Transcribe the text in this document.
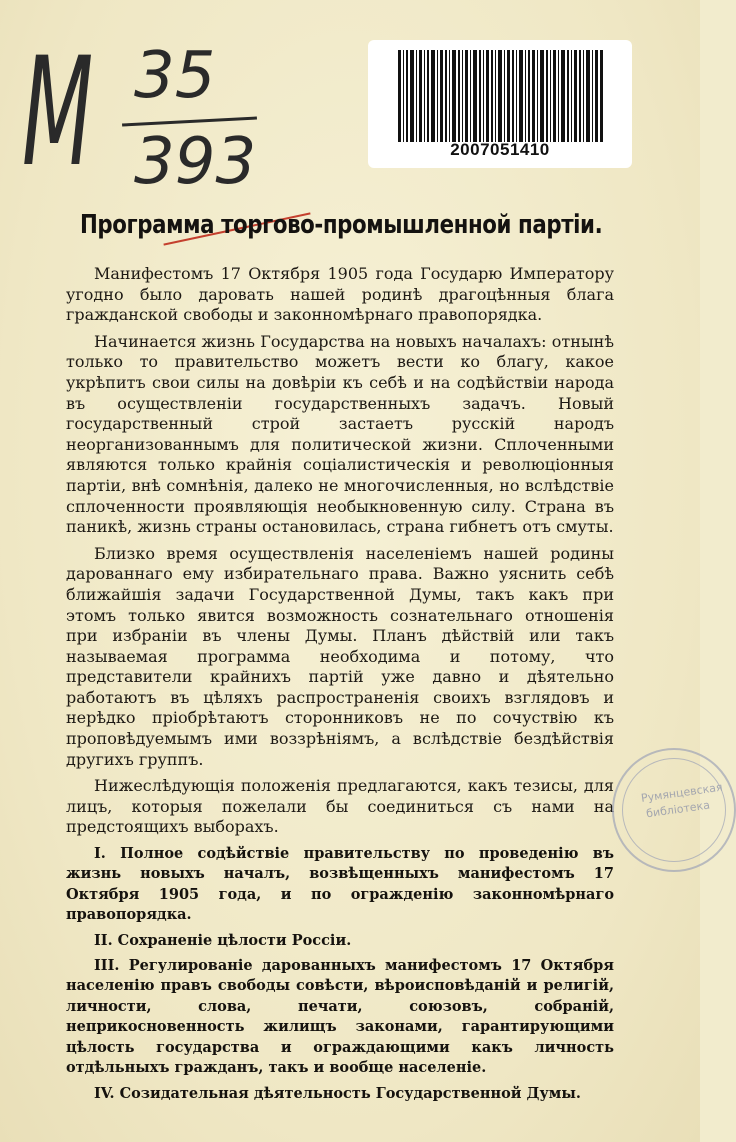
M 35
393	2007051410
Программа торгово-промышленной партіи.

Манифестомъ 17 Октября 1905 года Государю Императору угодно было даровать нашей родинѣ драгоцѣнныя блага гражданской свободы и законномѣрнаго правопорядка.

Начинается жизнь Государства на новыхъ началахъ: отнынѣ только то правительство можетъ вести ко благу, какое укрѣпитъ свои силы на довѣріи къ себѣ и на содѣйствіи народа въ осуществленіи государственныхъ задачъ. Новый государственный строй застаетъ русскій народъ неорганизованнымъ для политической жизни. Сплоченными являются только крайнія соціалистическія и революціонныя партіи, внѣ сомнѣнія, далеко не многочисленныя, но вслѣдствіе сплоченности проявляющія необыкновенную силу. Страна въ паникѣ, жизнь страны остановилась, страна гибнетъ отъ смуты.

Близко время осуществленія населеніемъ нашей родины дарованнаго ему избирательнаго права. Важно уяснить себѣ ближайшія задачи Государственной Думы, такъ какъ при этомъ только явится возможность сознательнаго отношенія при избраніи въ члены Думы. Планъ дѣйствій или такъ называемая программа необходима и потому, что представители крайнихъ партій уже давно и дѣятельно работаютъ въ цѣляхъ распространенія своихъ взглядовъ и нерѣдко пріобрѣтаютъ сторонниковъ не по сочуствію къ проповѣдуемымъ ими воззрѣніямъ, а вслѣдствіе бездѣйствія другихъ группъ.

Нижеслѣдующія положенія предлагаются, какъ тезисы, для лицъ, которыя пожелали бы соединиться съ нами на предстоящихъ выборахъ.

I. Полное содѣйствіе правительству по проведенію въ жизнь новыхъ началъ, возвѣщенныхъ манифестомъ 17 Октября 1905 года, и по огражденію законномѣрнаго правопорядка.

II. Сохраненіе цѣлости Россіи.

III. Регулированіе дарованныхъ манифестомъ 17 Октября населенію правъ свободы совѣсти, вѣроисповѣданій и религій, личности, слова, печати, союзовъ, собраній, неприкосновенность жилищъ законами, гарантирующими цѣлость государства и ограждающими какъ личность отдѣльныхъ гражданъ, такъ и вообще населеніе.

IV. Созидательная дѣятельность Государственной Думы.

Румянцевская библіотека
